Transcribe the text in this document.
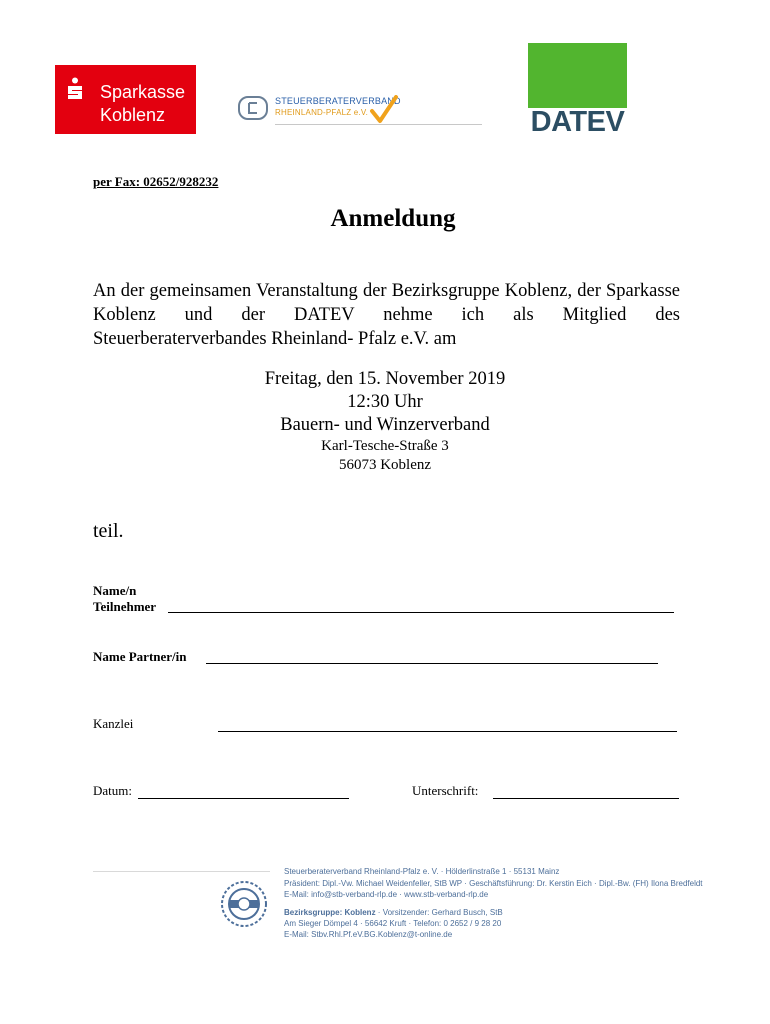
Sparkasse
Koblenz
STEUERBERATERVERBAND
RHEINLAND-PFALZ e.V.	DATEV
per Fax: 02652/928232
Anmeldung
An der gemeinsamen Veranstaltung der Bezirksgruppe Koblenz, der Sparkasse Koblenz und der DATEV nehme ich als Mitglied des
Steuerberaterverbandes Rheinland- Pfalz e.V. am
Freitag, den 15. November 2019
12:30 Uhr
Bauern- und Winzerverband
Karl-Tesche-Straße 3
56073 Koblenz
teil.
Name/n
Teilnehmer
Name Partner/in
Kanzlei
Datum:	Unterschrift:
Steuerberaterverband Rheinland-Pfalz e. V. · Hölderlinstraße 1 · 55131 Mainz
Präsident: Dipl.-Vw. Michael Weidenfeller, StB WP · Geschäftsführung: Dr. Kerstin Eich · Dipl.-Bw. (FH) Ilona Bredfeldt
E-Mail: info@stb-verband-rlp.de · www.stb-verband-rlp.de
Bezirksgruppe: Koblenz · Vorsitzender: Gerhard Busch, StB
Am Sieger Dömpel 4 · 56642 Kruft · Telefon: 0 2652 / 9 28 20
E-Mail: Stbv.Rhl.Pf.eV.BG.Koblenz@t-online.de
